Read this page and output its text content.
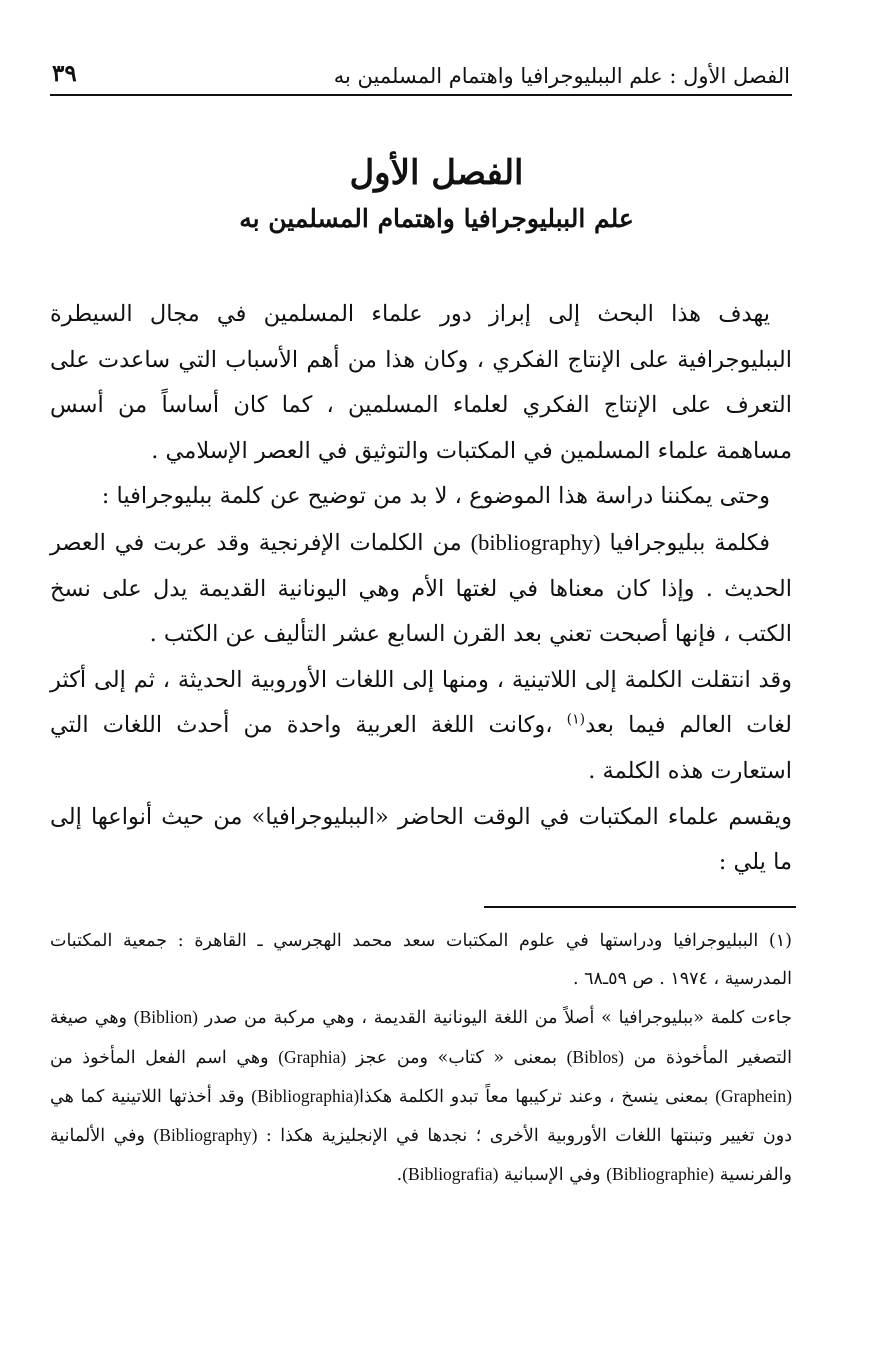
الفصل الأول : علم الببليوجرافيا واهتمام المسلمين به
٣٩
الفصل الأول
علم الببليوجرافيا واهتمام المسلمين به

يهدف هذا البحث إلى إبراز دور علماء المسلمين في مجال السيطرة الببليوجرافية على الإنتاج الفكري ، وكان هذا من أهم الأسباب التي ساعدت على التعرف على الإنتاج الفكري لعلماء المسلمين ، كما كان أساساً من أسس مساهمة علماء المسلمين في المكتبات والتوثيق في العصر الإسلامي .

وحتى يمكننا دراسة هذا الموضوع ، لا بد من توضيح عن كلمة ببليوجرافيا :

فكلمة ببليوجرافيا (bibliography) من الكلمات الإفرنجية وقد عربت في العصر الحديث . وإذا كان معناها في لغتها الأم وهي اليونانية القديمة يدل على نسخ الكتب ، فإنها أصبحت تعني بعد القرن السابع عشر التأليف عن الكتب .

وقد انتقلت الكلمة إلى اللاتينية ، ومنها إلى اللغات الأوروبية الحديثة ، ثم إلى أكثر لغات العالم فيما بعد$^{(١)}$ ،وكانت اللغة العربية واحدة من أحدث اللغات التي استعارت هذه الكلمة .

ويقسم علماء المكتبات في الوقت الحاضر «الببليوجرافيا» من حيث أنواعها إلى ما يلي :

(١) الببليوجرافيا ودراستها في علوم المكتبات سعد محمد الهجرسي ـ القاهرة : جمعية المكتبات المدرسية ، ١٩٧٤ . ص ٥٩ـ٦٨ .

جاءت كلمة «ببليوجرافيا » أصلاً من اللغة اليونانية القديمة ، وهي مركبة من صدر (Biblion) وهي صيغة التصغير المأخوذة من (Biblos) بمعنى « كتاب» ومن عجز (Graphia) وهي اسم الفعل المأخوذ من (Graphein) بمعنى ينسخ ، وعند تركيبها معاً تبدو الكلمة هكذا(Bibliographia) وقد أخذتها اللاتينية كما هي دون تغيير وتبنتها اللغات الأوروبية الأخرى ؛ نجدها في الإنجليزية هكذا : (Bibliography) وفي الألمانية والفرنسية (Bibliographie) وفي الإسبانية (Bibliografia).
